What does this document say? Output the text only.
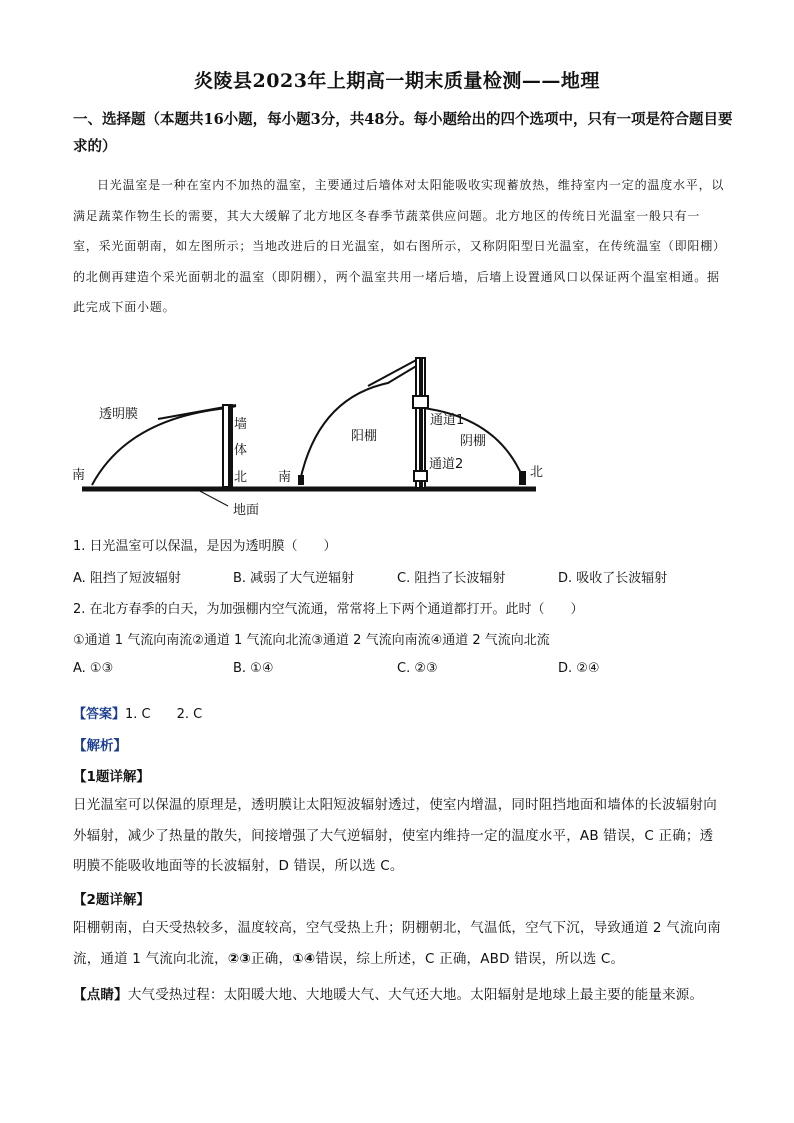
炎陵县2023年上期高一期末质量检测——地理
一、选择题（本题共16小题，每小题3分，共48分。每小题给出的四个选项中，只有一项是符合题目要求的）
日光温室是一种在室内不加热的温室，主要通过后墙体对太阳能吸收实现蓄放热，维持室内一定的温度水平，以满足蔬菜作物生长的需要，其大大缓解了北方地区冬春季节蔬菜供应问题。北方地区的传统日光温室一般只有一室，采光面朝南，如左图所示；当地改进后的日光温室，如右图所示，又称阴阳型日光温室，在传统温室（即阳棚）的北侧再建造个采光面朝北的温室（即阴棚），两个温室共用一堵后墙，后墙上设置通风口以保证两个温室相通。据此完成下面小题。
透明膜
墙
体
北
南
地面
阳棚	阴棚
通道1
通道2
南	北
1. 日光温室可以保温，是因为透明膜（　　）
A. 阻挡了短波辐射	B. 减弱了大气逆辐射	C. 阻挡了长波辐射	D. 吸收了长波辐射
2. 在北方春季的白天，为加强棚内空气流通，常常将上下两个通道都打开。此时（　　）
①通道 1 气流向南流②通道 1 气流向北流③通道 2 气流向南流④通道 2 气流向北流
A. ①③	B. ①④	C. ②③	D. ②④
【答案】1. C　　2. C
【解析】
【1题详解】
日光温室可以保温的原理是，透明膜让太阳短波辐射透过，使室内增温，同时阻挡地面和墙体的长波辐射向外辐射，减少了热量的散失，间接增强了大气逆辐射，使室内维持一定的温度水平，AB 错误，C 正确；透明膜不能吸收地面等的长波辐射，D 错误，所以选 C。
【2题详解】
阳棚朝南，白天受热较多，温度较高，空气受热上升；阴棚朝北，气温低，空气下沉，导致通道 2 气流向南流，通道 1 气流向北流，②③正确，①④错误，综上所述，C 正确，ABD 错误，所以选 C。
【点睛】大气受热过程：太阳暖大地、大地暖大气、大气还大地。太阳辐射是地球上最主要的能量来源。
